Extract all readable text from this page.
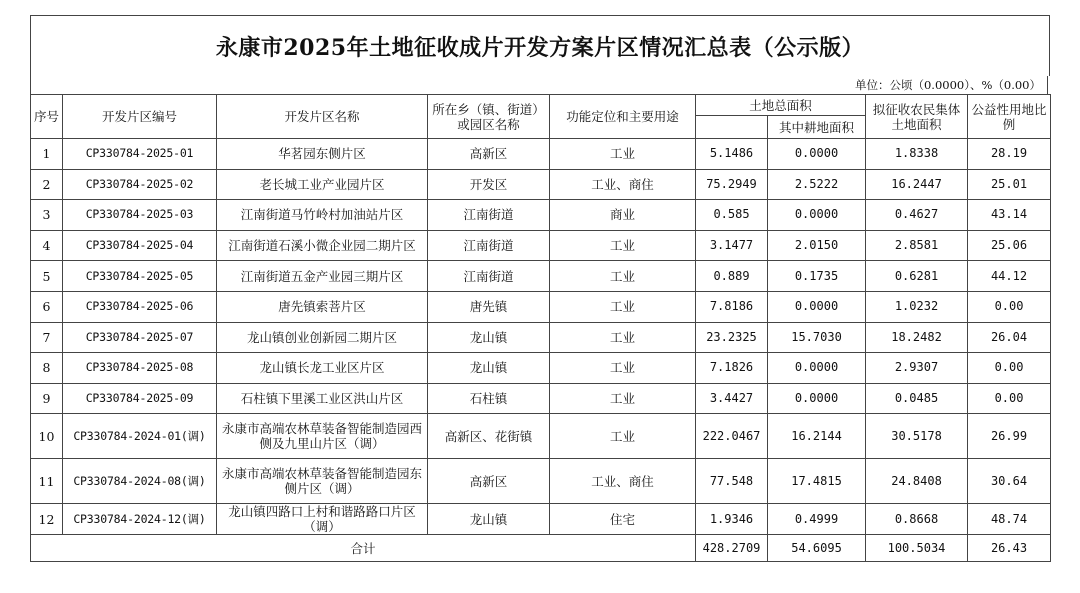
永康市2025年土地征收成片开发方案片区情况汇总表（公示版）
单位：公顷（0.0000）、%（0.00）
序号	开发片区编号	开发片区名称	所在乡（镇、街道）或园区名称	功能定位和主要用途	土地总面积		拟征收农民集体土地面积	公益性用地比例
						其中耕地面积		
1	CP330784-2025-01	华茗园东侧片区	高新区	工业	5.1486	0.0000	1.8338	28.19
2	CP330784-2025-02	老长城工业产业园片区	开发区	工业、商住	75.2949	2.5222	16.2447	25.01
3	CP330784-2025-03	江南街道马竹岭村加油站片区	江南街道	商业	0.585	0.0000	0.4627	43.14
4	CP330784-2025-04	江南街道石溪小微企业园二期片区	江南街道	工业	3.1477	2.0150	2.8581	25.06
5	CP330784-2025-05	江南街道五金产业园三期片区	江南街道	工业	0.889	0.1735	0.6281	44.12
6	CP330784-2025-06	唐先镇索菩片区	唐先镇	工业	7.8186	0.0000	1.0232	0.00
7	CP330784-2025-07	龙山镇创业创新园二期片区	龙山镇	工业	23.2325	15.7030	18.2482	26.04
8	CP330784-2025-08	龙山镇长龙工业区片区	龙山镇	工业	7.1826	0.0000	2.9307	0.00
9	CP330784-2025-09	石柱镇下里溪工业区洪山片区	石柱镇	工业	3.4427	0.0000	0.0485	0.00
10	CP330784-2024-01(调)	永康市高端农林草装备智能制造园西侧及九里山片区（调）	高新区、花街镇	工业	222.0467	16.2144	30.5178	26.99
11	CP330784-2024-08(调)	永康市高端农林草装备智能制造园东侧片区（调）	高新区	工业、商住	77.548	17.4815	24.8408	30.64
12	CP330784-2024-12(调)	龙山镇四路口上村和谐路路口片区（调）	龙山镇	住宅	1.9346	0.4999	0.8668	48.74
合计					428.2709	54.6095	100.5034	26.43
